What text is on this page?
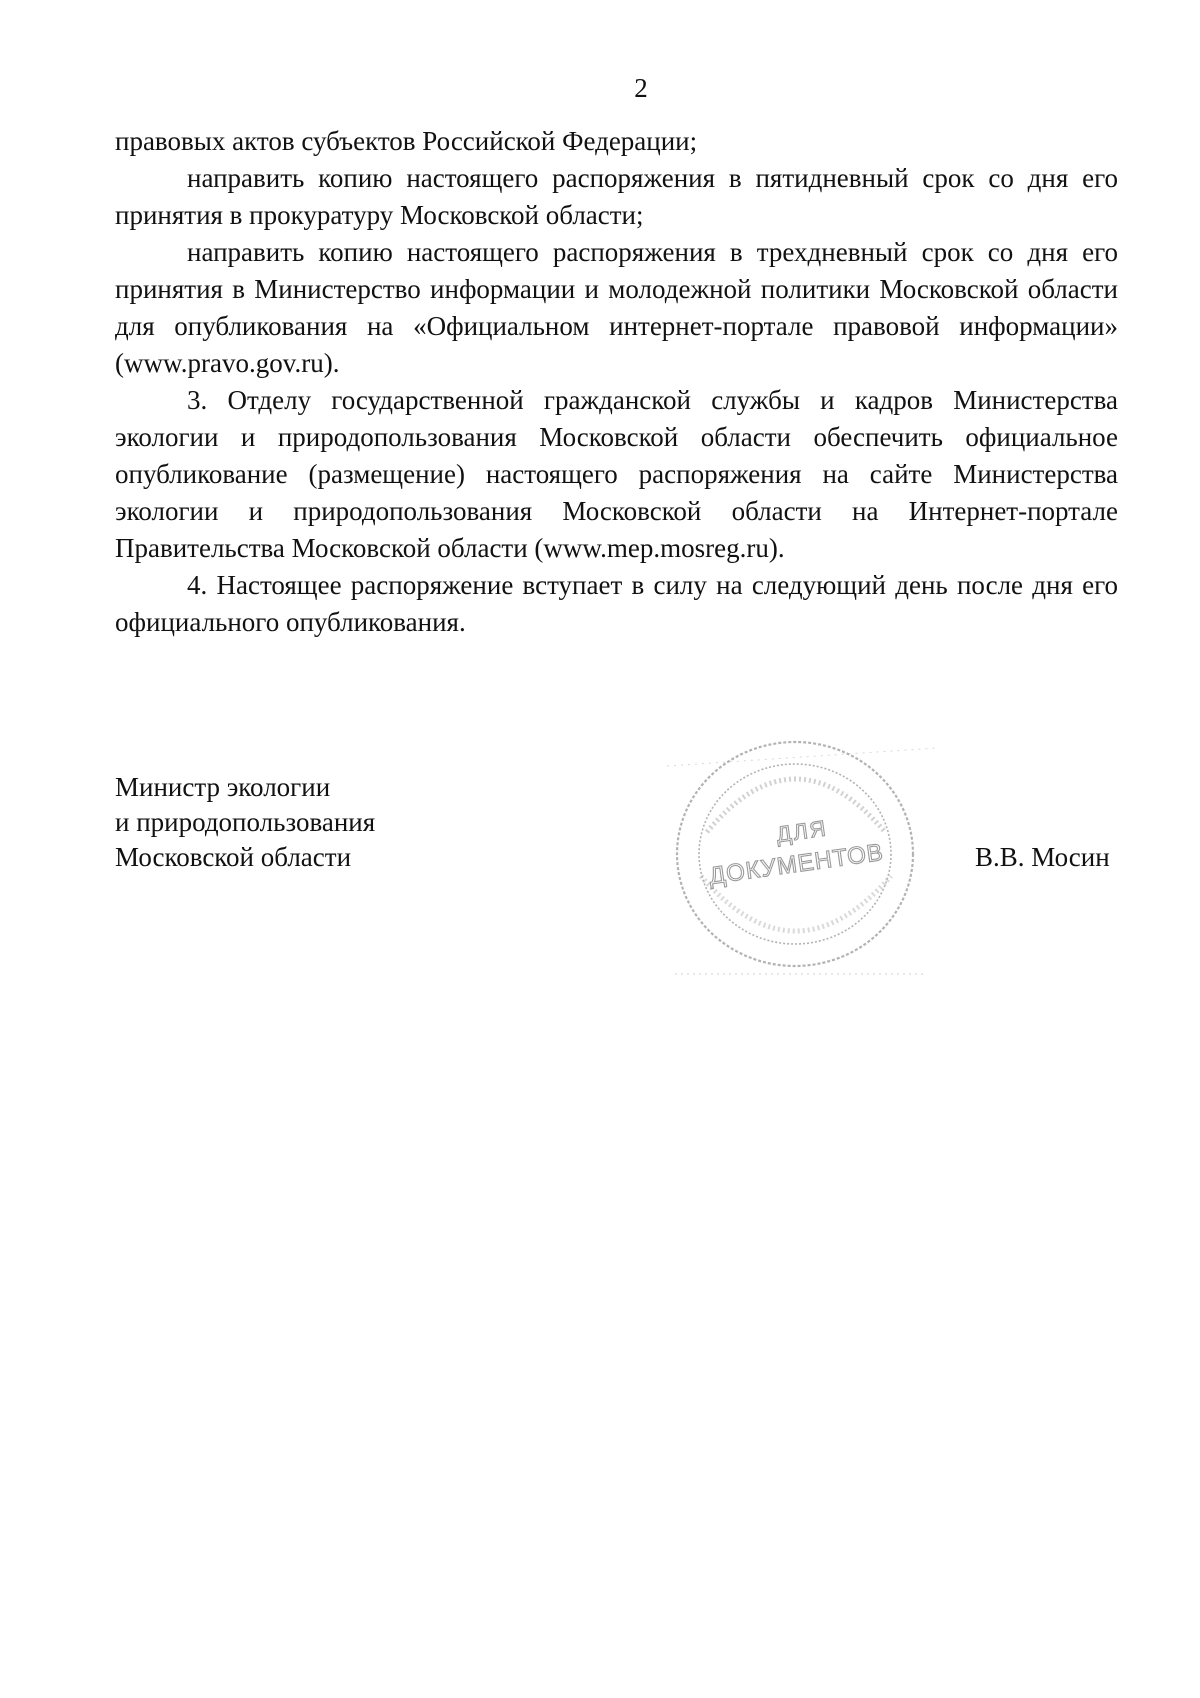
2

правовых актов субъектов Российской Федерации;

направить копию настоящего распоряжения в пятидневный срок со дня его принятия в прокуратуру Московской области;

направить копию настоящего распоряжения в трехдневный срок со дня его принятия в Министерство информации и молодежной политики Московской области для опубликования на «Официальном интернет-портале правовой информации» (www.pravo.gov.ru).

3. Отделу государственной гражданской службы и кадров Министерства экологии и природопользования Московской области обеспечить официальное опубликование (размещение) настоящего распоряжения на сайте Министерства экологии и природопользования Московской области на Интернет-портале Правительства Московской области (www.mep.mosreg.ru).

4. Настоящее распоряжение вступает в силу на следующий день после дня его официального опубликования.

Министр экологии
и природопользования
Московской области	В.В. Мосин
ДЛЯ
ДОКУМЕНТОВ
